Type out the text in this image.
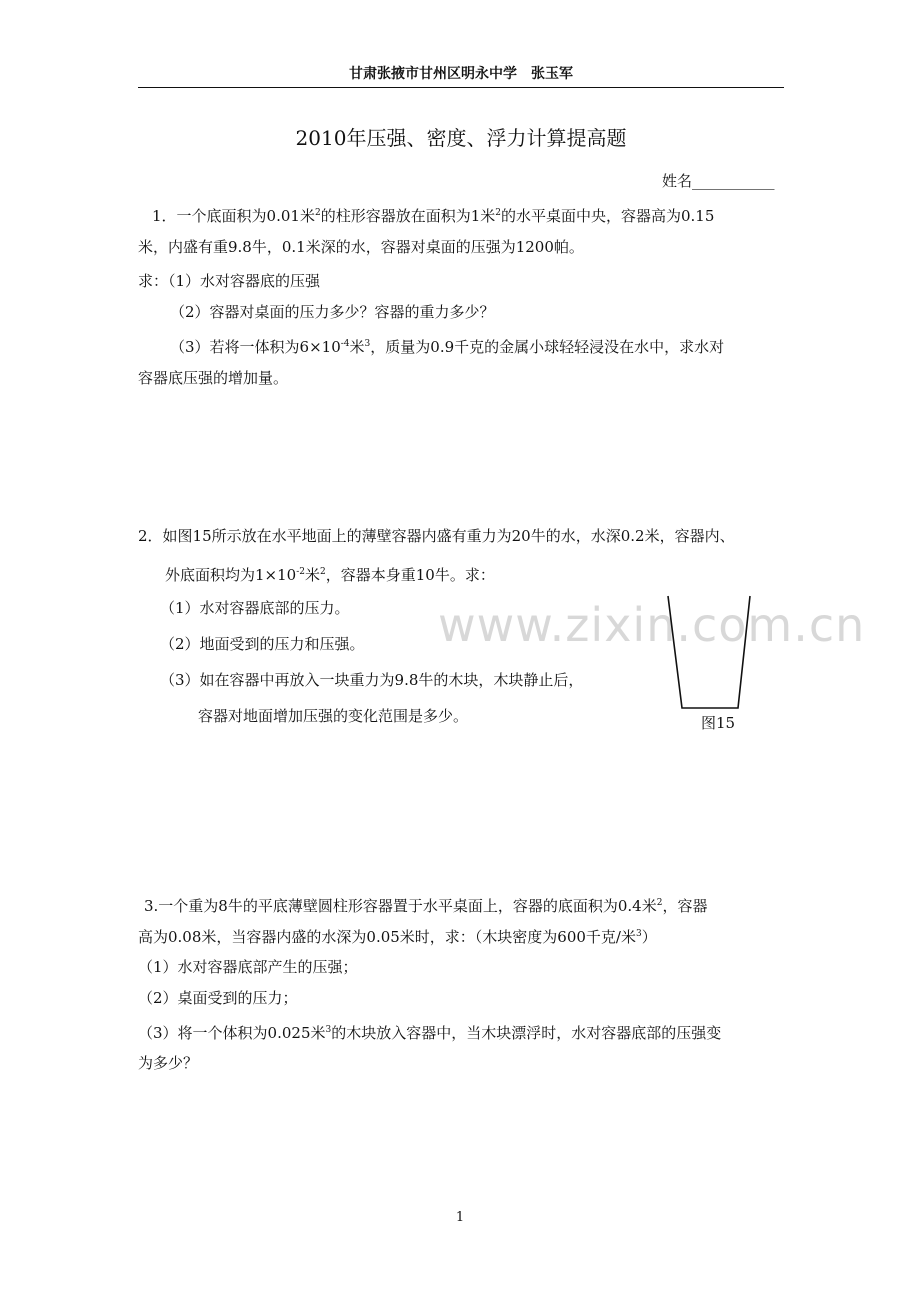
甘肃张掖市甘州区明永中学　张玉军
2010年压强、密度、浮力计算提高题
姓名___________
1．一个底面积为0.01米$^2$的柱形容器放在面积为1米$^2$的水平桌面中央，容器高为0.15
米，内盛有重9.8牛，0.1米深的水，容器对桌面的压强为1200帕。
求：（1）水对容器底的压强
（2）容器对桌面的压力多少？容器的重力多少？
（3）若将一体积为$6\times 10^{-4}$米$^3$，质量为0.9千克的金属小球轻轻浸没在水中，求水对
容器底压强的增加量。
2．如图15所示放在水平地面上的薄壁容器内盛有重力为20牛的水，水深0.2米，容器内、
外底面积均为$1\times 10^{-2}$米$^2$，容器本身重10牛。求：
（1）水对容器底部的压力。
（2）地面受到的压力和压强。
（3）如在容器中再放入一块重力为9.8牛的木块，木块静止后，
容器对地面增加压强的变化范围是多少。
www.zixin.com.cn
图15
3.一个重为8牛的平底薄壁圆柱形容器置于水平桌面上，容器的底面积为0.4米$^2$，容器
高为0.08米，当容器内盛的水深为0.05米时，求：（木块密度为600千克/米$^3$）
（1）水对容器底部产生的压强；
（2）桌面受到的压力；
（3）将一个体积为0.025米$^3$的木块放入容器中，当木块漂浮时，水对容器底部的压强变
为多少？
1
